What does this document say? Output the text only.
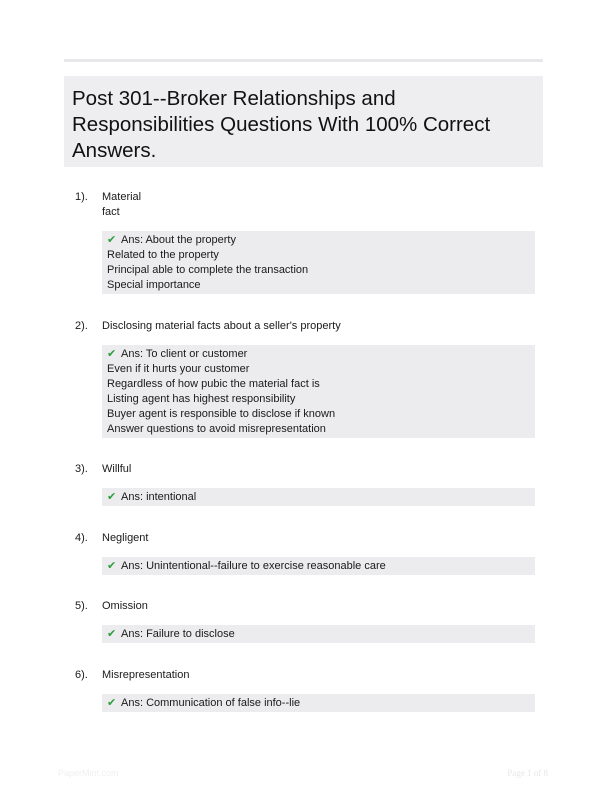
Post 301--Broker Relationships and Responsibilities Questions With 100% Correct Answers.
1). Material
fact
✔ Ans: About the property
Related to the property
Principal able to complete the transaction
Special importance
2). Disclosing material facts about a seller's property
✔ Ans: To client or customer
Even if it hurts your customer
Regardless of how pubic the material fact is
Listing agent has highest responsibility
Buyer agent is responsible to disclose if known
Answer questions to avoid misrepresentation
3). Willful
✔ Ans: intentional
4). Negligent
✔ Ans: Unintentional--failure to exercise reasonable care
5). Omission
✔ Ans: Failure to disclose
6). Misrepresentation
✔ Ans: Communication of false info--lie
PaperMint.com	Page 1 of 8
